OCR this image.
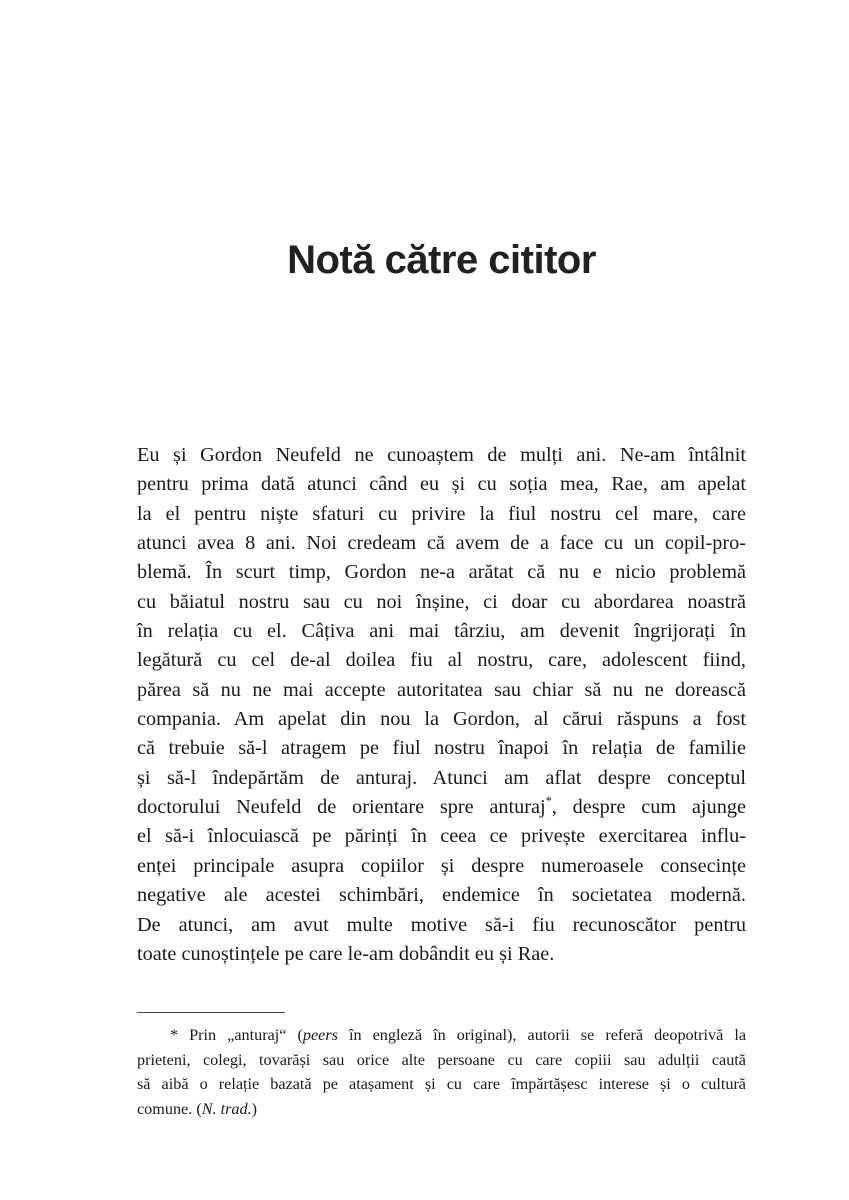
Notă către cititor
Eu și Gordon Neufeld ne cunoaștem de mulți ani. Ne-am întâlnit
pentru prima dată atunci când eu și cu soția mea, Rae, am apelat
la el pentru niște sfaturi cu privire la fiul nostru cel mare, care
atunci avea 8 ani. Noi credeam că avem de a face cu un copil-pro-
blemă. În scurt timp, Gordon ne-a arătat că nu e nicio problemă
cu băiatul nostru sau cu noi înșine, ci doar cu abordarea noastră
în relația cu el. Câțiva ani mai târziu, am devenit îngrijorați în
legătură cu cel de-al doilea fiu al nostru, care, adolescent fiind,
părea să nu ne mai accepte autoritatea sau chiar să nu ne dorească
compania. Am apelat din nou la Gordon, al cărui răspuns a fost
că trebuie să-l atragem pe fiul nostru înapoi în relația de familie
și să-l îndepărtăm de anturaj. Atunci am aflat despre conceptul
doctorului Neufeld de orientare spre anturaj*, despre cum ajunge
el să-i înlocuiască pe părinți în ceea ce privește exercitarea influ-
enței principale asupra copiilor și despre numeroasele consecințe
negative ale acestei schimbări, endemice în societatea modernă.
De atunci, am avut multe motive să-i fiu recunoscător pentru
toate cunoștințele pe care le-am dobândit eu și Rae.
* Prin „anturaj“ (peers în engleză în original), autorii se referă deopotrivă la
prieteni, colegi, tovarăși sau orice alte persoane cu care copiii sau adulții caută
să aibă o relație bazată pe atașament și cu care împărtășesc interese și o cultură
comune. (N. trad.)
